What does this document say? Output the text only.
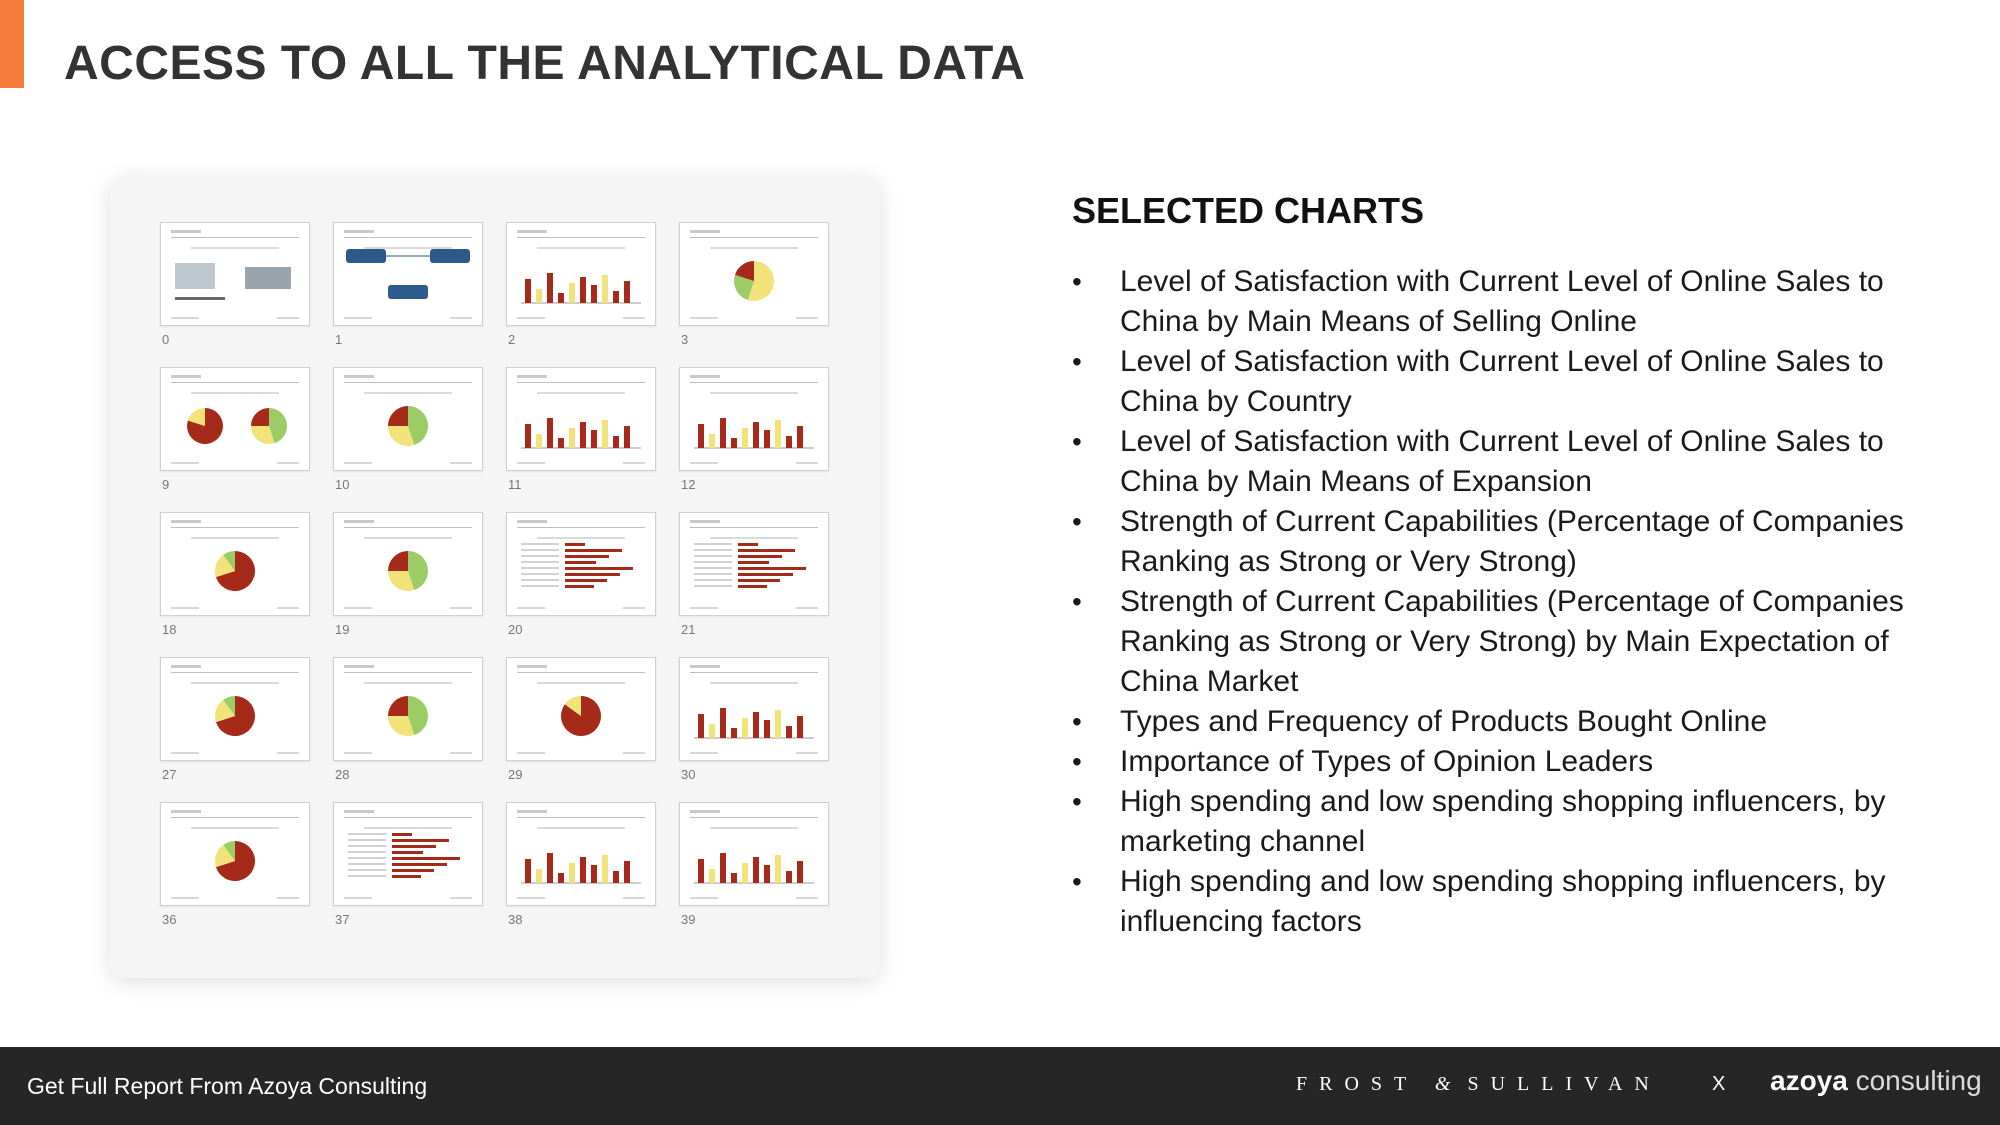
ACCESS TO ALL THE ANALYTICAL DATA
0	1	2	3
9	10	11	12
18	19	20	21
27	28	29	30
36	37	38	39
SELECTED CHARTS
• Level of Satisfaction with Current Level of Online Sales to China by Main Means of Selling Online
• Level of Satisfaction with Current Level of Online Sales to China by Country
• Level of Satisfaction with Current Level of Online Sales to China by Main Means of Expansion
• Strength of Current Capabilities (Percentage of Companies Ranking as Strong or Very Strong)
• Strength of Current Capabilities (Percentage of Companies Ranking as Strong or Very Strong) by Main Expectation of China Market
• Types and Frequency of Products Bought Online
• Importance of Types of Opinion Leaders
• High spending and low spending shopping influencers, by marketing channel
• High spending and low spending shopping influencers, by influencing factors
Get Full Report From Azoya Consulting	FROST & SULLIVAN	X azoya consulting
